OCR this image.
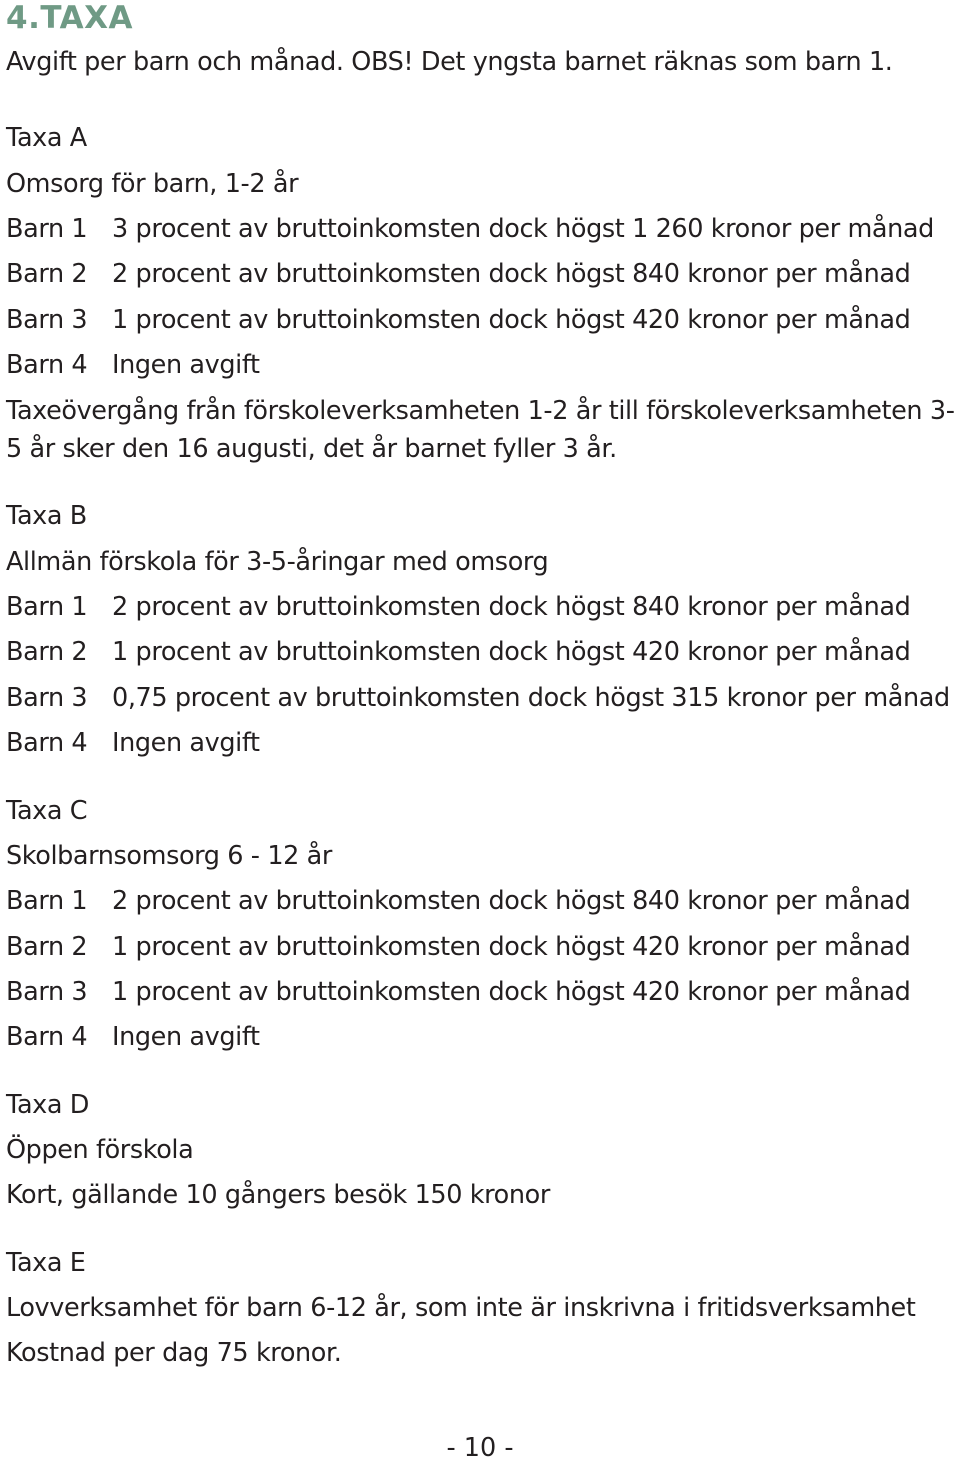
4.TAXA
Avgift per barn och månad. OBS! Det yngsta barnet räknas som barn 1.
Taxa A
Omsorg för barn, 1-2 år
Barn 1 3 procent av bruttoinkomsten dock högst 1 260 kronor per månad
Barn 2 2 procent av bruttoinkomsten dock högst 840 kronor per månad
Barn 3 1 procent av bruttoinkomsten dock högst 420 kronor per månad
Barn 4 Ingen avgift
Taxeövergång från förskoleverksamheten 1-2 år till förskoleverksamheten 3-5 år sker den 16 augusti, det år barnet fyller 3 år.
Taxa B
Allmän förskola för 3-5-åringar med omsorg
Barn 1 2 procent av bruttoinkomsten dock högst 840 kronor per månad
Barn 2 1 procent av bruttoinkomsten dock högst 420 kronor per månad
Barn 3 0,75 procent av bruttoinkomsten dock högst 315 kronor per månad
Barn 4 Ingen avgift
Taxa C
Skolbarnsomsorg 6 - 12 år
Barn 1 2 procent av bruttoinkomsten dock högst 840 kronor per månad
Barn 2 1 procent av bruttoinkomsten dock högst 420 kronor per månad
Barn 3 1 procent av bruttoinkomsten dock högst 420 kronor per månad
Barn 4 Ingen avgift
Taxa D
Öppen förskola
Kort, gällande 10 gångers besök 150 kronor
Taxa E
Lovverksamhet för barn 6-12 år, som inte är inskrivna i fritidsverksamhet
Kostnad per dag 75 kronor.
- 10 -
